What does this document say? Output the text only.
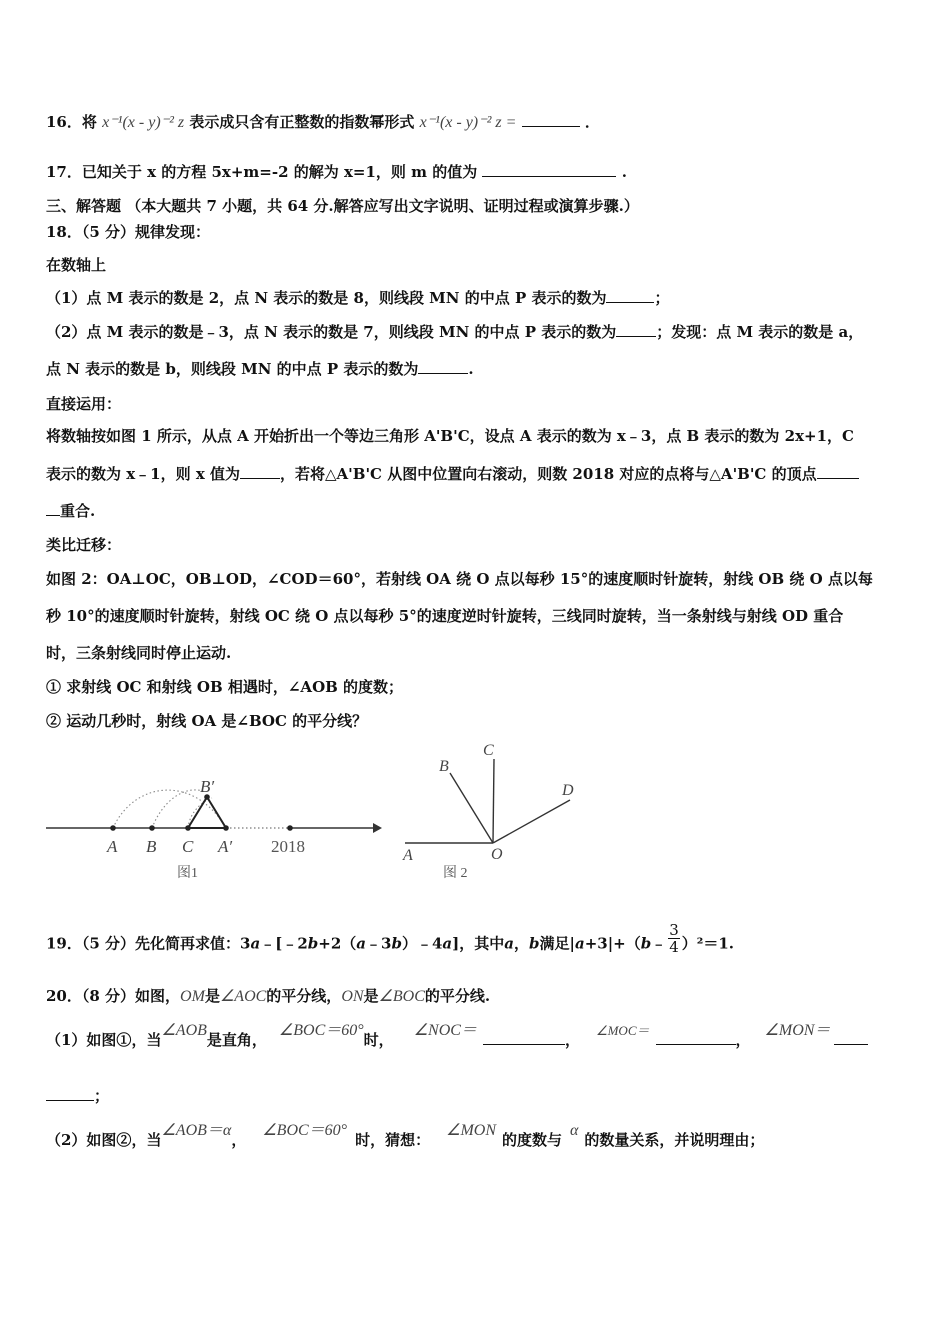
16．将 x⁻¹(x - y)⁻² z 表示成只含有正整数的指数幂形式 x⁻¹(x - y)⁻² z =	．
17．已知关于 x 的方程 5x+m=-2 的解为 x=1，则 m 的值为	.
三、解答题 （本大题共 7 小题，共 64 分.解答应写出文字说明、证明过程或演算步骤.）
18．（5 分）规律发现：
在数轴上
（1）点 M 表示的数是 2，点 N 表示的数是 8，则线段 MN 的中点 P 表示的数为	；
（2）点 M 表示的数是﹣3，点 N 表示的数是 7，则线段 MN 的中点 P 表示的数为	；发现：点 M 表示的数是 a，
点 N 表示的数是 b，则线段 MN 的中点 P 表示的数为	.
直接运用：
将数轴按如图 1 所示，从点 A 开始折出一个等边三角形 A'B'C，设点 A 表示的数为 x﹣3，点 B 表示的数为 2x+1，C
表示的数为 x﹣1，则 x 值为	，若将△A'B'C 从图中位置向右滚动，则数 2018 对应的点将与△A'B'C 的顶点
重合.
类比迁移：
如图 2：OA⊥OC，OB⊥OD，∠COD＝60°，若射线 OA 绕 O 点以每秒 15°的速度顺时针旋转，射线 OB 绕 O 点以每
秒 10°的速度顺时针旋转，射线 OC 绕 O 点以每秒 5°的速度逆时针旋转，三线同时旋转，当一条射线与射线 OD 重合
时，三条射线同时停止运动.
① 求射线 OC 和射线 OB 相遇时，∠AOB 的度数；
② 运动几秒时，射线 OA 是∠BOC 的平分线？
A B C A′
B′
2018
图1
A
B
C
D
O
图 2
19．（5 分）先化简再求值：3a﹣[﹣2b+2（a﹣3b）﹣4a]，其中a，b满足|a+3|+（b﹣ $\frac{3}{4} )^2=1$.
20．（8 分）如图，OM是∠AOC的平分线，ON是∠BOC的平分线.
（1）如图①，当∠AOB是直角，∠BOC＝60°时，∠NOC＝，∠MOC＝，∠MON＝
；
（2）如图②，当∠AOB＝α，∠BOC＝60°时，猜想：∠MON的度数与α的数量关系，并说明理由；
